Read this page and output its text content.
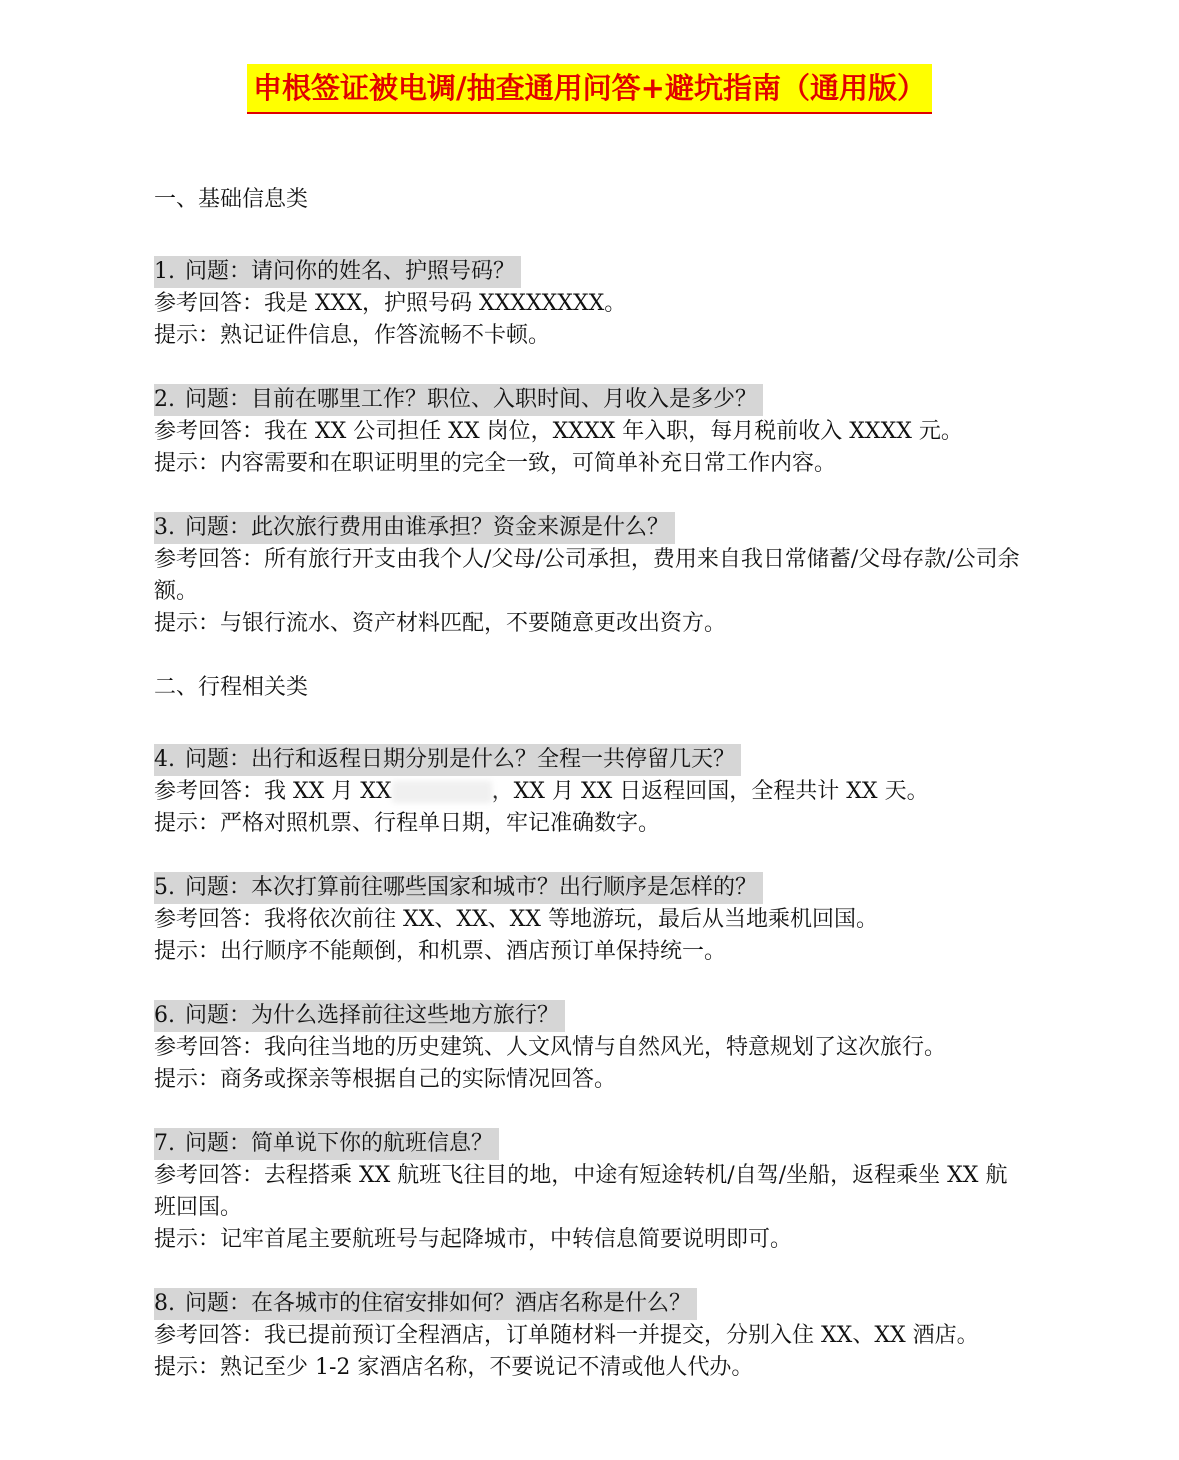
申根签证被电调/抽查通用问答+避坑指南（通用版）
一、基础信息类
1. 问题：请问你的姓名、护照号码？
参考回答：我是 XXX，护照号码 XXXXXXXX。
提示：熟记证件信息，作答流畅不卡顿。
2. 问题：目前在哪里工作？职位、入职时间、月收入是多少？
参考回答：我在 XX 公司担任 XX 岗位，XXXX 年入职，每月税前收入 XXXX 元。
提示：内容需要和在职证明里的完全一致，可简单补充日常工作内容。
3. 问题：此次旅行费用由谁承担？资金来源是什么？
参考回答：所有旅行开支由我个人/父母/公司承担，费用来自我日常储蓄/父母存款/公司余额。
提示：与银行流水、资产材料匹配，不要随意更改出资方。
二、行程相关类
4. 问题：出行和返程日期分别是什么？全程一共停留几天？
参考回答：我 XX 月 XX	，XX 月 XX 日返程回国，全程共计 XX 天。
提示：严格对照机票、行程单日期，牢记准确数字。
5. 问题：本次打算前往哪些国家和城市？出行顺序是怎样的？
参考回答：我将依次前往 XX、XX、XX 等地游玩，最后从当地乘机回国。
提示：出行顺序不能颠倒，和机票、酒店预订单保持统一。
6. 问题：为什么选择前往这些地方旅行？
参考回答：我向往当地的历史建筑、人文风情与自然风光，特意规划了这次旅行。
提示：商务或探亲等根据自己的实际情况回答。
7. 问题：简单说下你的航班信息？
参考回答：去程搭乘 XX 航班飞往目的地，中途有短途转机/自驾/坐船，返程乘坐 XX 航班回国。
提示：记牢首尾主要航班号与起降城市，中转信息简要说明即可。
8. 问题：在各城市的住宿安排如何？酒店名称是什么？
参考回答：我已提前预订全程酒店，订单随材料一并提交，分别入住 XX、XX 酒店。
提示：熟记至少 1-2 家酒店名称，不要说记不清或他人代办。
